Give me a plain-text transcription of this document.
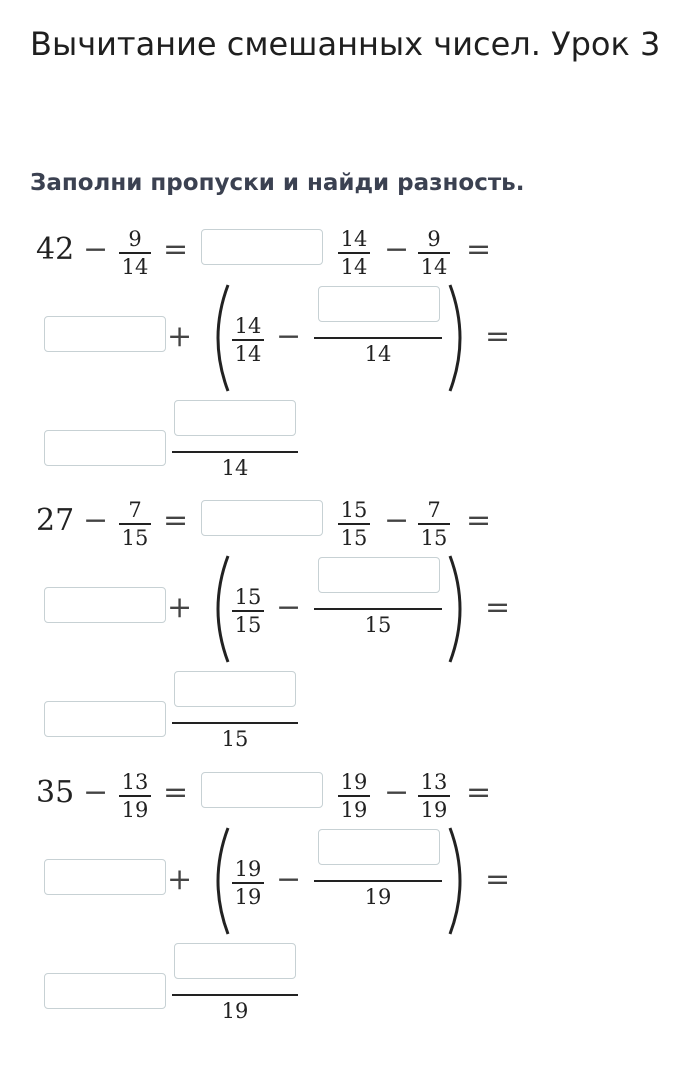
Вычитание смешанных чисел. Урок 3

Заполни пропуски и найди разность.

42 − 9
14 =	14
14 − 9
14 =
+ 14
14 −	14	=
14
27 − 7
15 =	15
15 − 7
15 =
+ 15
15 −	15	=
15
35 − 13
19 =	19
19 − 13
19 =
+ 19
19 −	19	=
19
